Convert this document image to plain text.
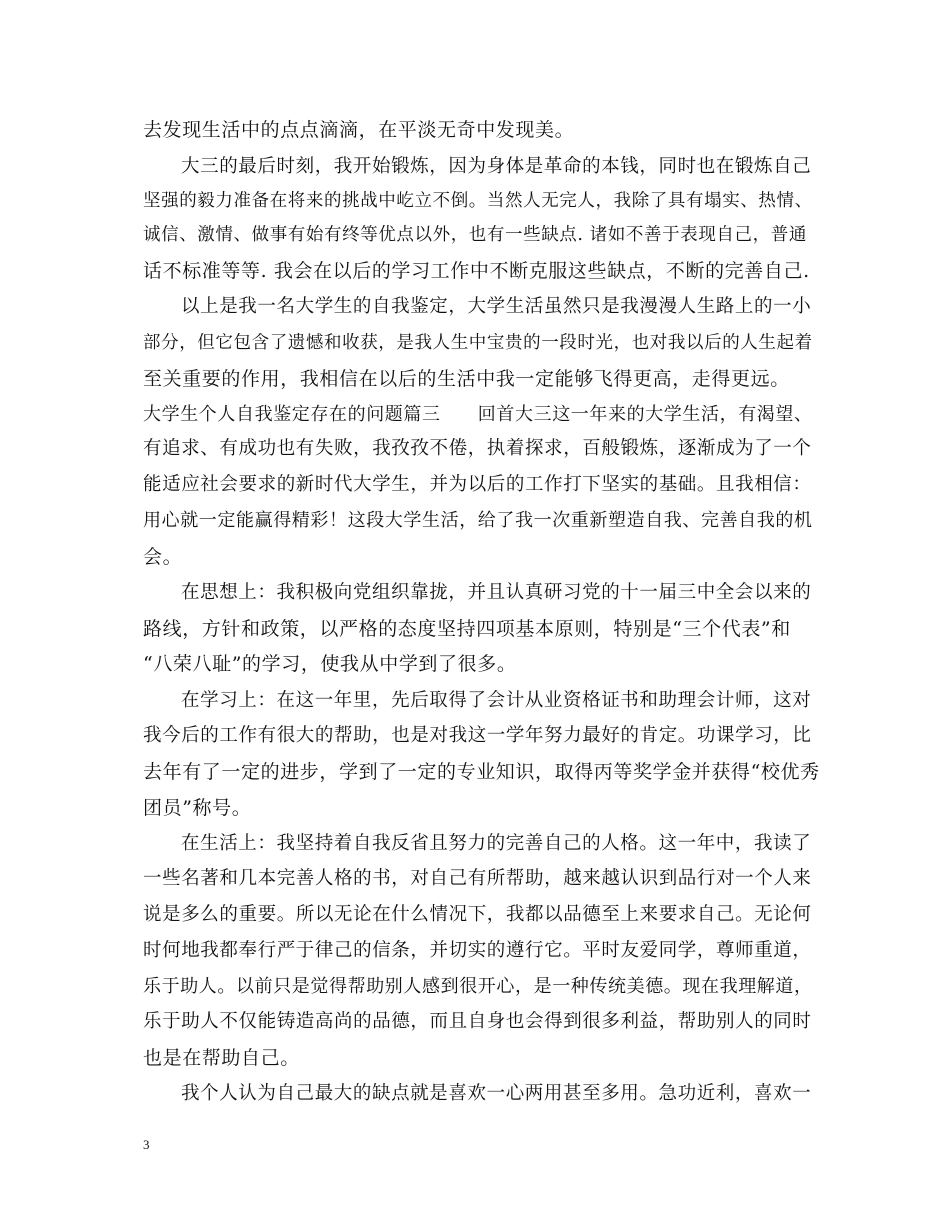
去发现生活中的点点滴滴，在平淡无奇中发现美。
大三的最后时刻，我开始锻炼，因为身体是革命的本钱，同时也在锻炼自己
坚强的毅力准备在将来的挑战中屹立不倒。当然人无完人，我除了具有塌实、热情、
诚信、激情、做事有始有终等优点以外，也有一些缺点. 诸如不善于表现自己，普通
话不标准等等. 我会在以后的学习工作中不断克服这些缺点，不断的完善自己.
以上是我一名大学生的自我鉴定，大学生活虽然只是我漫漫人生路上的一小
部分，但它包含了遗憾和收获，是我人生中宝贵的一段时光，也对我以后的人生起着
至关重要的作用，我相信在以后的生活中我一定能够飞得更高，走得更远。
大学生个人自我鉴定存在的问题篇三　　回首大三这一年来的大学生活，有渴望、
有追求、有成功也有失败，我孜孜不倦，执着探求，百般锻炼，逐渐成为了一个
能适应社会要求的新时代大学生，并为以后的工作打下坚实的基础。且我相信：
用心就一定能赢得精彩！这段大学生活，给了我一次重新塑造自我、完善自我的机
会。
在思想上：我积极向党组织靠拢，并且认真研习党的十一届三中全会以来的
路线，方针和政策，以严格的态度坚持四项基本原则，特别是“三个代表”和
“八荣八耻”的学习，使我从中学到了很多。
在学习上：在这一年里，先后取得了会计从业资格证书和助理会计师，这对
我今后的工作有很大的帮助，也是对我这一学年努力最好的肯定。功课学习，比
去年有了一定的进步，学到了一定的专业知识，取得丙等奖学金并获得“校优秀
团员”称号。
在生活上：我坚持着自我反省且努力的完善自己的人格。这一年中，我读了
一些名著和几本完善人格的书，对自己有所帮助，越来越认识到品行对一个人来
说是多么的重要。所以无论在什么情况下，我都以品德至上来要求自己。无论何
时何地我都奉行严于律己的信条，并切实的遵行它。平时友爱同学，尊师重道，
乐于助人。以前只是觉得帮助别人感到很开心，是一种传统美德。现在我理解道，
乐于助人不仅能铸造高尚的品德，而且自身也会得到很多利益，帮助别人的同时
也是在帮助自己。
我个人认为自己最大的缺点就是喜欢一心两用甚至多用。急功近利，喜欢一
3
